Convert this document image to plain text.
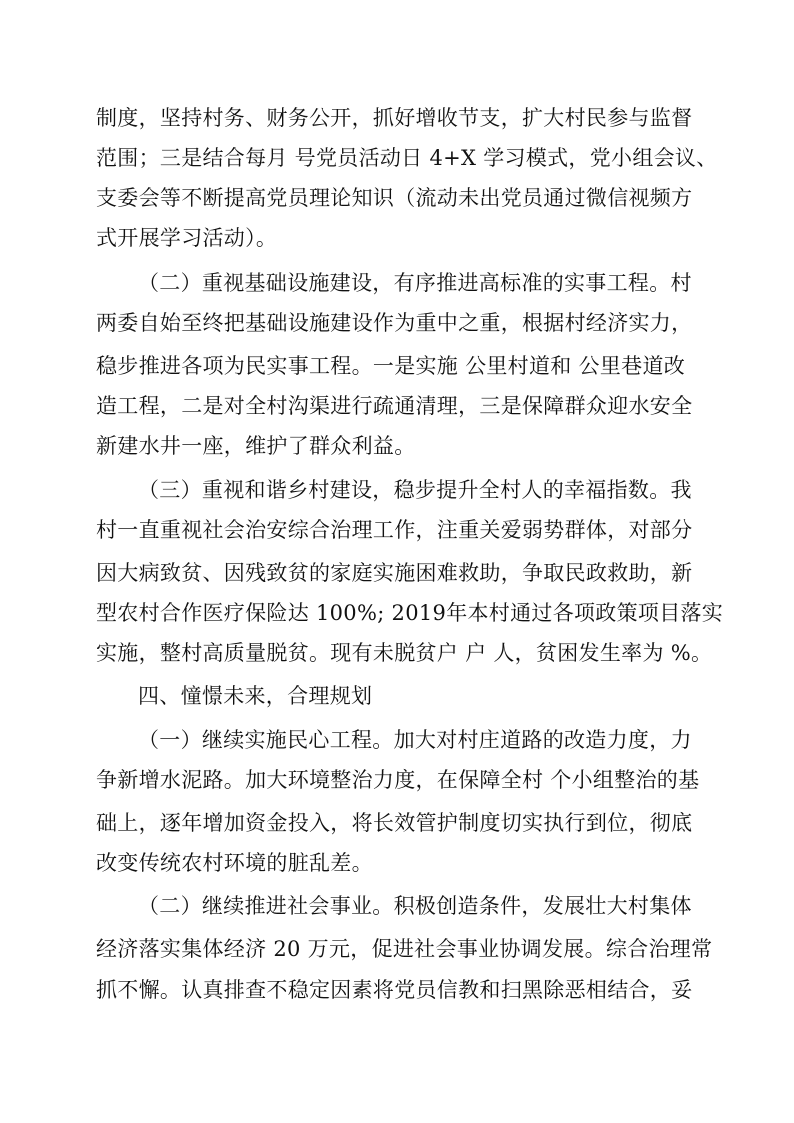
制度，坚持村务、财务公开，抓好增收节支，扩大村民参与监督
范围；三是结合每月 号党员活动日 4+X 学习模式，党小组会议、
支委会等不断提高党员理论知识（流动未出党员通过微信视频方
式开展学习活动）。
（二）重视基础设施建设，有序推进高标准的实事工程。村
两委自始至终把基础设施建设作为重中之重，根据村经济实力，
稳步推进各项为民实事工程。一是实施 公里村道和 公里巷道改
造工程，二是对全村沟渠进行疏通清理，三是保障群众迎水安全
新建水井一座，维护了群众利益。
（三）重视和谐乡村建设，稳步提升全村人的幸福指数。我
村一直重视社会治安综合治理工作，注重关爱弱势群体，对部分
因大病致贫、因残致贫的家庭实施困难救助，争取民政救助，新
型农村合作医疗保险达 100%; 2019年本村通过各项政策项目落实
实施，整村高质量脱贫。现有未脱贫户 户 人，贫困发生率为 %。
四、憧憬未来，合理规划
（一）继续实施民心工程。加大对村庄道路的改造力度，力
争新增水泥路。加大环境整治力度，在保障全村 个小组整治的基
础上，逐年增加资金投入，将长效管护制度切实执行到位，彻底
改变传统农村环境的脏乱差。
（二）继续推进社会事业。积极创造条件，发展壮大村集体
经济落实集体经济 20 万元，促进社会事业协调发展。综合治理常
抓不懈。认真排查不稳定因素将党员信教和扫黑除恶相结合，妥
